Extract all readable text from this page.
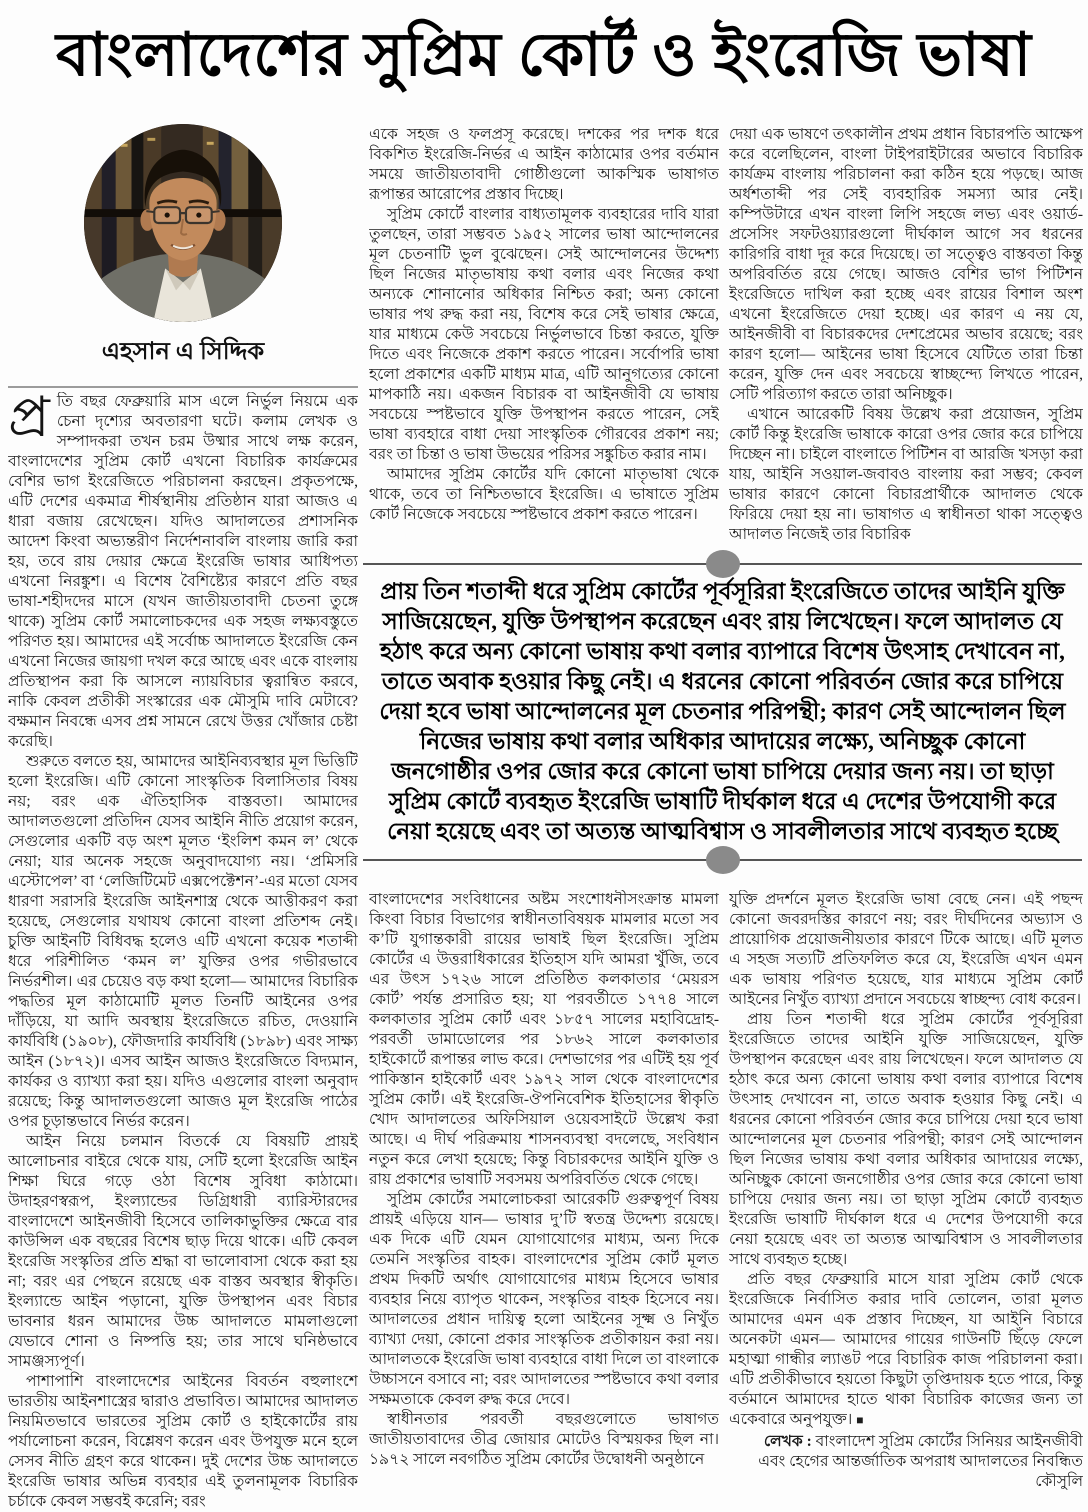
বাংলাদেশের সুপ্রিম কোর্ট ও ইংরেজি ভাষা
এহসান এ সিদ্দিক

প্র তি বছর ফেব্রুয়ারি মাস এলে নির্ভুল নিয়মে এক চেনা দৃশ্যের অবতারণা ঘটে। কলাম লেখক ও সম্পাদকরা তখন চরম উষ্মার সাথে লক্ষ করেন, বাংলাদেশের সুপ্রিম কোর্ট এখনো বিচারিক কার্যক্রমের বেশির ভাগ ইংরেজিতে পরিচালনা করছেন। প্রকৃতপক্ষে, এটি দেশের একমাত্র শীর্ষস্থানীয় প্রতিষ্ঠান যারা আজও এ ধারা বজায় রেখেছেন। যদিও আদালতের প্রশাসনিক আদেশ কিংবা অভ্যন্তরীণ নির্দেশনাবলি বাংলায় জারি করা হয়, তবে রায় দেয়ার ক্ষেত্রে ইংরেজি ভাষার আধিপত্য এখনো নিরঙ্কুশ। এ বিশেষ বৈশিষ্ট্যের কারণে প্রতি বছর ভাষা-শহীদদের মাসে (যখন জাতীয়তাবাদী চেতনা তুঙ্গে থাকে) সুপ্রিম কোর্ট সমালোচকদের এক সহজ লক্ষ্যবস্তুতে পরিণত হয়। আমাদের এই সর্বোচ্চ আদালতে ইংরেজি কেন এখনো নিজের জায়গা দখল করে আছে এবং একে বাংলায় প্রতিস্থাপন করা কি আসলে ন্যায়বিচার ত্বরান্বিত করবে, নাকি কেবল প্রতীকী সংস্কারের এক মৌসুমি দাবি মেটাবে? বক্ষমান নিবন্ধে এসব প্রশ্ন সামনে রেখে উত্তর খোঁজার চেষ্টা করেছি।

শুরুতে বলতে হয়, আমাদের আইনিব্যবস্থার মূল ভিত্তিটি হলো ইংরেজি। এটি কোনো সাংস্কৃতিক বিলাসিতার বিষয় নয়; বরং এক ঐতিহাসিক বাস্তবতা। আমাদের আদালতগুলো প্রতিদিন যেসব আইনি নীতি প্রয়োগ করেন, সেগুলোর একটি বড় অংশ মূলত ‘ইংলিশ কমন ল’ থেকে নেয়া; যার অনেক সহজে অনুবাদযোগ্য নয়। ‘প্রমিসরি এস্টোপেল’ বা ‘লেজিটিমেট এক্সপেক্টেশন’-এর মতো যেসব ধারণা সরাসরি ইংরেজি আইনশাস্ত্র থেকে আত্তীকরণ করা হয়েছে, সেগুলোর যথাযথ কোনো বাংলা প্রতিশব্দ নেই। চুক্তি আইনটি বিধিবদ্ধ হলেও এটি এখনো কয়েক শতাব্দী ধরে পরিশীলিত ‘কমন ল’ যুক্তির ওপর গভীরভাবে নির্ভরশীল। এর চেয়েও বড় কথা হলো— আমাদের বিচারিক পদ্ধতির মূল কাঠামোটি মূলত তিনটি আইনের ওপর দাঁড়িয়ে, যা আদি অবস্থায় ইংরেজিতে রচিত, দেওয়ানি কার্যবিধি (১৯০৮), ফৌজদারি কার্যবিধি (১৮৯৮) এবং সাক্ষ্য আইন (১৮৭২)। এসব আইন আজও ইংরেজিতে বিদ্যমান, কার্যকর ও ব্যাখ্যা করা হয়। যদিও এগুলোর বাংলা অনুবাদ রয়েছে; কিন্তু আদালতগুলো আজও মূল ইংরেজি পাঠের ওপর চূড়ান্তভাবে নির্ভর করেন।

আইন নিয়ে চলমান বিতর্কে যে বিষয়টি প্রায়ই আলোচনার বাইরে থেকে যায়, সেটি হলো ইংরেজি আইন শিক্ষা ঘিরে গড়ে ওঠা বিশেষ সুবিধা কাঠামো। উদাহরণস্বরূপ, ইংল্যান্ডের ডিগ্রিধারী ব্যারিস্টারদের বাংলাদেশে আইনজীবী হিসেবে তালিকাভুক্তির ক্ষেত্রে বার কাউন্সিল এক বছরের বিশেষ ছাড় দিয়ে থাকে। এটি কেবল ইংরেজি সংস্কৃতির প্রতি শ্রদ্ধা বা ভালোবাসা থেকে করা হয় না; বরং এর পেছনে রয়েছে এক বাস্তব অবস্থার স্বীকৃতি। ইংল্যান্ডে আইন পড়ানো, যুক্তি উপস্থাপন এবং বিচার ভাবনার ধরন আমাদের উচ্চ আদালতে মামলাগুলো যেভাবে শোনা ও নিষ্পত্তি হয়; তার সাথে ঘনিষ্ঠভাবে সামঞ্জস্যপূর্ণ।

পাশাপাশি বাংলাদেশের আইনের বিবর্তন বহুলাংশে ভারতীয় আইনশাস্ত্রের দ্বারাও প্রভাবিত। আমাদের আদালত নিয়মিতভাবে ভারতের সুপ্রিম কোর্ট ও হাইকোর্টের রায় পর্যালোচনা করেন, বিশ্লেষণ করেন এবং উপযুক্ত মনে হলে সেসব নীতি গ্রহণ করে থাকেন। দুই দেশের উচ্চ আদালতে ইংরেজি ভাষার অভিন্ন ব্যবহার এই তুলনামূলক বিচারিক চর্চাকে কেবল সম্ভবই করেনি; বরং

একে সহজ ও ফলপ্রসূ করেছে। দশকের পর দশক ধরে বিকশিত ইংরেজি-নির্ভর এ আইন কাঠামোর ওপর বর্তমান সময়ে জাতীয়তাবাদী গোষ্ঠীগুলো আকস্মিক ভাষাগত রূপান্তর আরোপের প্রস্তাব দিচ্ছে।

সুপ্রিম কোর্টে বাংলার বাধ্যতামূলক ব্যবহারের দাবি যারা তুলছেন, তারা সম্ভবত ১৯৫২ সালের ভাষা আন্দোলনের মূল চেতনাটি ভুল বুঝেছেন। সেই আন্দোলনের উদ্দেশ্য ছিল নিজের মাতৃভাষায় কথা বলার এবং নিজের কথা অন্যকে শোনানোর অধিকার নিশ্চিত করা; অন্য কোনো ভাষার পথ রুদ্ধ করা নয়, বিশেষ করে সেই ভাষার ক্ষেত্রে, যার মাধ্যমে কেউ সবচেয়ে নির্ভুলভাবে চিন্তা করতে, যুক্তি দিতে এবং নিজেকে প্রকাশ করতে পারেন। সর্বোপরি ভাষা হলো প্রকাশের একটি মাধ্যম মাত্র, এটি আনুগত্যের কোনো মাপকাঠি নয়। একজন বিচারক বা আইনজীবী যে ভাষায় সবচেয়ে স্পষ্টভাবে যুক্তি উপস্থাপন করতে পারেন, সেই ভাষা ব্যবহারে বাধা দেয়া সাংস্কৃতিক গৌরবের প্রকাশ নয়; বরং তা চিন্তা ও ভাষা উভয়ের পরিসর সঙ্কুচিত করার নাম।

আমাদের সুপ্রিম কোর্টের যদি কোনো মাতৃভাষা থেকে থাকে, তবে তা নিশ্চিতভাবে ইংরেজি। এ ভাষাতে সুপ্রিম কোর্ট নিজেকে সবচেয়ে স্পষ্টভাবে প্রকাশ করতে পারেন।

দেয়া এক ভাষণে তৎকালীন প্রথম প্রধান বিচারপতি আক্ষেপ করে বলেছিলেন, বাংলা টাইপরাইটারের অভাবে বিচারিক কার্যক্রম বাংলায় পরিচালনা করা কঠিন হয়ে পড়ছে। আজ অর্ধশতাব্দী পর সেই ব্যবহারিক সমস্যা আর নেই। কম্পিউটারে এখন বাংলা লিপি সহজে লভ্য এবং ওয়ার্ড-প্রসেসিং সফটওয়্যারগুলো দীর্ঘকাল আগে সব ধরনের কারিগরি বাধা দূর করে দিয়েছে। তা সত্ত্বেও বাস্তবতা কিন্তু অপরিবর্তিত রয়ে গেছে। আজও বেশির ভাগ পিটিশন ইংরেজিতে দাখিল করা হচ্ছে এবং রায়ের বিশাল অংশ এখনো ইংরেজিতে দেয়া হচ্ছে। এর কারণ এ নয় যে, আইনজীবী বা বিচারকদের দেশপ্রেমের অভাব রয়েছে; বরং কারণ হলো— আইনের ভাষা হিসেবে যেটিতে তারা চিন্তা করেন, যুক্তি দেন এবং সবচেয়ে স্বাচ্ছন্দ্যে লিখতে পারেন, সেটি পরিত্যাগ করতে তারা অনিচ্ছুক।

এখানে আরেকটি বিষয় উল্লেখ করা প্রয়োজন, সুপ্রিম কোর্ট কিন্তু ইংরেজি ভাষাকে কারো ওপর জোর করে চাপিয়ে দিচ্ছেন না। চাইলে বাংলাতে পিটিশন বা আরজি খসড়া করা যায়, আইনি সওয়াল-জবাবও বাংলায় করা সম্ভব; কেবল ভাষার কারণে কোনো বিচারপ্রার্থীকে আদালত থেকে ফিরিয়ে দেয়া হয় না। ভাষাগত এ স্বাধীনতা থাকা সত্ত্বেও আদালত নিজেই তার বিচারিক

প্রায় তিন শতাব্দী ধরে সুপ্রিম কোর্টের পূর্বসূরিরা ইংরেজিতে তাদের আইনি যুক্তি সাজিয়েছেন, যুক্তি উপস্থাপন করেছেন এবং রায় লিখেছেন। ফলে আদালত যে হঠাৎ করে অন্য কোনো ভাষায় কথা বলার ব্যাপারে বিশেষ উৎসাহ দেখাবেন না, তাতে অবাক হওয়ার কিছু নেই। এ ধরনের কোনো পরিবর্তন জোর করে চাপিয়ে দেয়া হবে ভাষা আন্দোলনের মূল চেতনার পরিপন্থী; কারণ সেই আন্দোলন ছিল নিজের ভাষায় কথা বলার অধিকার আদায়ের লক্ষ্যে, অনিচ্ছুক কোনো জনগোষ্ঠীর ওপর জোর করে কোনো ভাষা চাপিয়ে দেয়ার জন্য নয়। তা ছাড়া সুপ্রিম কোর্টে ব্যবহৃত ইংরেজি ভাষাটি দীর্ঘকাল ধরে এ দেশের উপযোগী করে নেয়া হয়েছে এবং তা অত্যন্ত আত্মবিশ্বাস ও সাবলীলতার সাথে ব্যবহৃত হচ্ছে

বাংলাদেশের সংবিধানের অষ্টম সংশোধনীসংক্রান্ত মামলা কিংবা বিচার বিভাগের স্বাধীনতাবিষয়ক মামলার মতো সব ক’টি যুগান্তকারী রায়ের ভাষাই ছিল ইংরেজি। সুপ্রিম কোর্টের এ উত্তরাধিকারের ইতিহাস যদি আমরা খুঁজি, তবে এর উৎস ১৭২৬ সালে প্রতিষ্ঠিত কলকাতার ‘মেয়রস কোর্ট’ পর্যন্ত প্রসারিত হয়; যা পরবর্তীতে ১৭৭৪ সালে কলকাতার সুপ্রিম কোর্ট এবং ১৮৫৭ সালের মহাবিদ্রোহ-পরবর্তী ডামাডোলের পর ১৮৬২ সালে কলকাতার হাইকোর্টে রূপান্তর লাভ করে। দেশভাগের পর এটিই হয় পূর্ব পাকিস্তান হাইকোর্ট এবং ১৯৭২ সাল থেকে বাংলাদেশের সুপ্রিম কোর্ট। এই ইংরেজি-ঔপনিবেশিক ইতিহাসের স্বীকৃতি খোদ আদালতের অফিসিয়াল ওয়েবসাইটে উল্লেখ করা আছে। এ দীর্ঘ পরিক্রমায় শাসনব্যবস্থা বদলেছে, সংবিধান নতুন করে লেখা হয়েছে; কিন্তু বিচারকদের আইনি যুক্তি ও রায় প্রকাশের ভাষাটি সবসময় অপরিবর্তিত থেকে গেছে।

সুপ্রিম কোর্টের সমালোচকরা আরেকটি গুরুত্বপূর্ণ বিষয় প্রায়ই এড়িয়ে যান— ভাষার দু’টি স্বতন্ত্র উদ্দেশ্য রয়েছে। এক দিকে এটি যেমন যোগাযোগের মাধ্যম, অন্য দিকে তেমনি সংস্কৃতির বাহক। বাংলাদেশের সুপ্রিম কোর্ট মূলত প্রথম দিকটি অর্থাৎ যোগাযোগের মাধ্যম হিসেবে ভাষার ব্যবহার নিয়ে ব্যাপৃত থাকেন, সংস্কৃতির বাহক হিসেবে নয়। আদালতের প্রধান দায়িত্ব হলো আইনের সূক্ষ্ম ও নিখুঁত ব্যাখ্যা দেয়া, কোনো প্রকার সাংস্কৃতিক প্রতীকায়ন করা নয়। আদালতকে ইংরেজি ভাষা ব্যবহারে বাধা দিলে তা বাংলাকে উচ্চাসনে বসাবে না; বরং আদালতের স্পষ্টভাবে কথা বলার সক্ষমতাকে কেবল রুদ্ধ করে দেবে।

স্বাধীনতার পরবর্তী বছরগুলোতে ভাষাগত জাতীয়তাবাদের তীব্র জোয়ার মোটেও বিস্ময়কর ছিল না। ১৯৭২ সালে নবগঠিত সুপ্রিম কোর্টের উদ্বোধনী অনুষ্ঠানে

যুক্তি প্রদর্শনে মূলত ইংরেজি ভাষা বেছে নেন। এই পছন্দ কোনো জবরদস্তির কারণে নয়; বরং দীর্ঘদিনের অভ্যাস ও প্রায়োগিক প্রয়োজনীয়তার কারণে টিকে আছে। এটি মূলত এ সহজ সত্যটি প্রতিফলিত করে যে, ইংরেজি এখন এমন এক ভাষায় পরিণত হয়েছে, যার মাধ্যমে সুপ্রিম কোর্ট আইনের নিখুঁত ব্যাখ্যা প্রদানে সবচেয়ে স্বাচ্ছন্দ্য বোধ করেন।

প্রায় তিন শতাব্দী ধরে সুপ্রিম কোর্টের পূর্বসূরিরা ইংরেজিতে তাদের আইনি যুক্তি সাজিয়েছেন, যুক্তি উপস্থাপন করেছেন এবং রায় লিখেছেন। ফলে আদালত যে হঠাৎ করে অন্য কোনো ভাষায় কথা বলার ব্যাপারে বিশেষ উৎসাহ দেখাবেন না, তাতে অবাক হওয়ার কিছু নেই। এ ধরনের কোনো পরিবর্তন জোর করে চাপিয়ে দেয়া হবে ভাষা আন্দোলনের মূল চেতনার পরিপন্থী; কারণ সেই আন্দোলন ছিল নিজের ভাষায় কথা বলার অধিকার আদায়ের লক্ষ্যে, অনিচ্ছুক কোনো জনগোষ্ঠীর ওপর জোর করে কোনো ভাষা চাপিয়ে দেয়ার জন্য নয়। তা ছাড়া সুপ্রিম কোর্টে ব্যবহৃত ইংরেজি ভাষাটি দীর্ঘকাল ধরে এ দেশের উপযোগী করে নেয়া হয়েছে এবং তা অত্যন্ত আত্মবিশ্বাস ও সাবলীলতার সাথে ব্যবহৃত হচ্ছে।

প্রতি বছর ফেব্রুয়ারি মাসে যারা সুপ্রিম কোর্ট থেকে ইংরেজিকে নির্বাসিত করার দাবি তোলেন, তারা মূলত আমাদের এমন এক প্রস্তাব দিচ্ছেন, যা আইনি বিচারে অনেকটা এমন— আমাদের গায়ের গাউনটি ছিঁড়ে ফেলে মহাত্মা গান্ধীর ল্যাঙট পরে বিচারিক কাজ পরিচালনা করা। এটি প্রতীকীভাবে হয়তো কিছুটা তৃপ্তিদায়ক হতে পারে, কিন্তু বর্তমানে আমাদের হাতে থাকা বিচারিক কাজের জন্য তা একেবারে অনুপযুক্ত। ■

লেখক : বাংলাদেশ সুপ্রিম কোর্টের সিনিয়র আইনজীবী এবং হেগের আন্তর্জাতিক অপরাধ আদালতের নিবন্ধিত কৌসুলি
